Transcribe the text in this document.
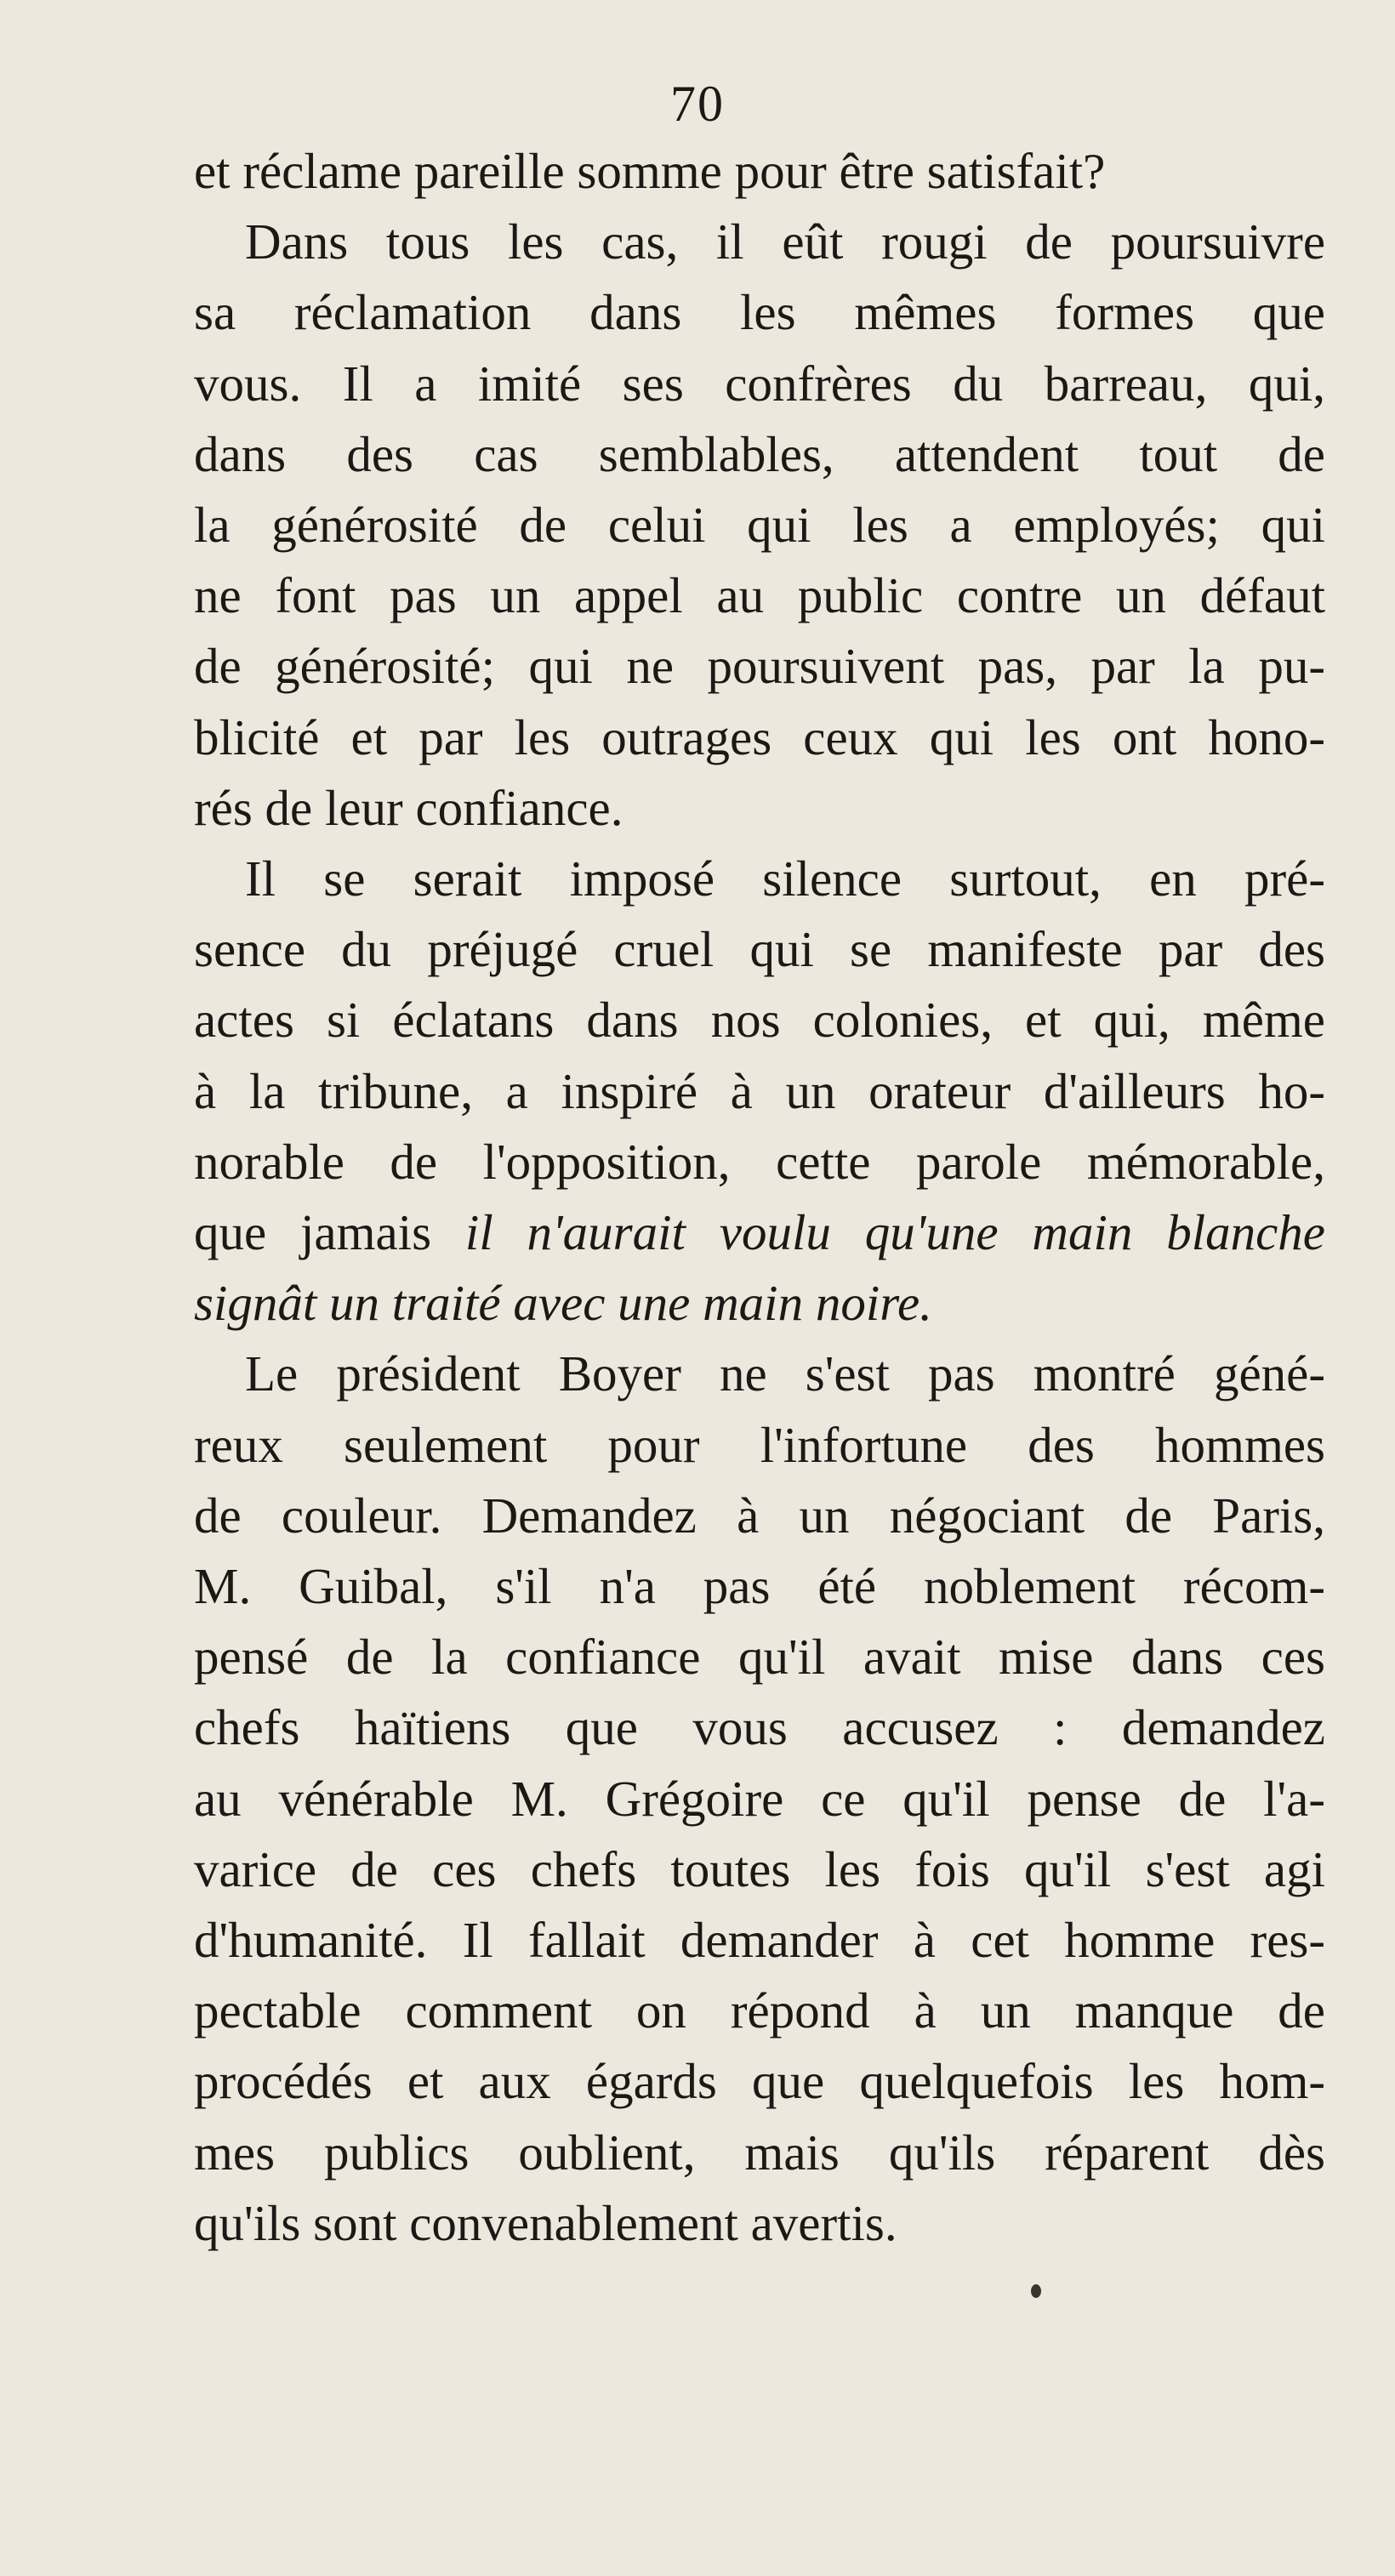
70

et réclame pareille somme pour être satisfait?

Dans tous les cas, il eût rougi de poursuivre
sa réclamation dans les mêmes formes que
vous. Il a imité ses confrères du barreau, qui,
dans des cas semblables, attendent tout de
la générosité de celui qui les a employés; qui
ne font pas un appel au public contre un défaut
de générosité; qui ne poursuivent pas, par la pu-
blicité et par les outrages ceux qui les ont hono-
rés de leur confiance.

Il se serait imposé silence surtout, en pré-
sence du préjugé cruel qui se manifeste par des
actes si éclatans dans nos colonies, et qui, même
à la tribune, a inspiré à un orateur d'ailleurs ho-
norable de l'opposition, cette parole mémorable,
que jamais il n'aurait voulu qu'une main blanche
signât un traité avec une main noire.

Le président Boyer ne s'est pas montré géné-
reux seulement pour l'infortune des hommes
de couleur. Demandez à un négociant de Paris,
M. Guibal, s'il n'a pas été noblement récom-
pensé de la confiance qu'il avait mise dans ces
chefs haïtiens que vous accusez : demandez
au vénérable M. Grégoire ce qu'il pense de l'a-
varice de ces chefs toutes les fois qu'il s'est agi
d'humanité. Il fallait demander à cet homme res-
pectable comment on répond à un manque de
procédés et aux égards que quelquefois les hom-
mes publics oublient, mais qu'ils réparent dès
qu'ils sont convenablement avertis.
